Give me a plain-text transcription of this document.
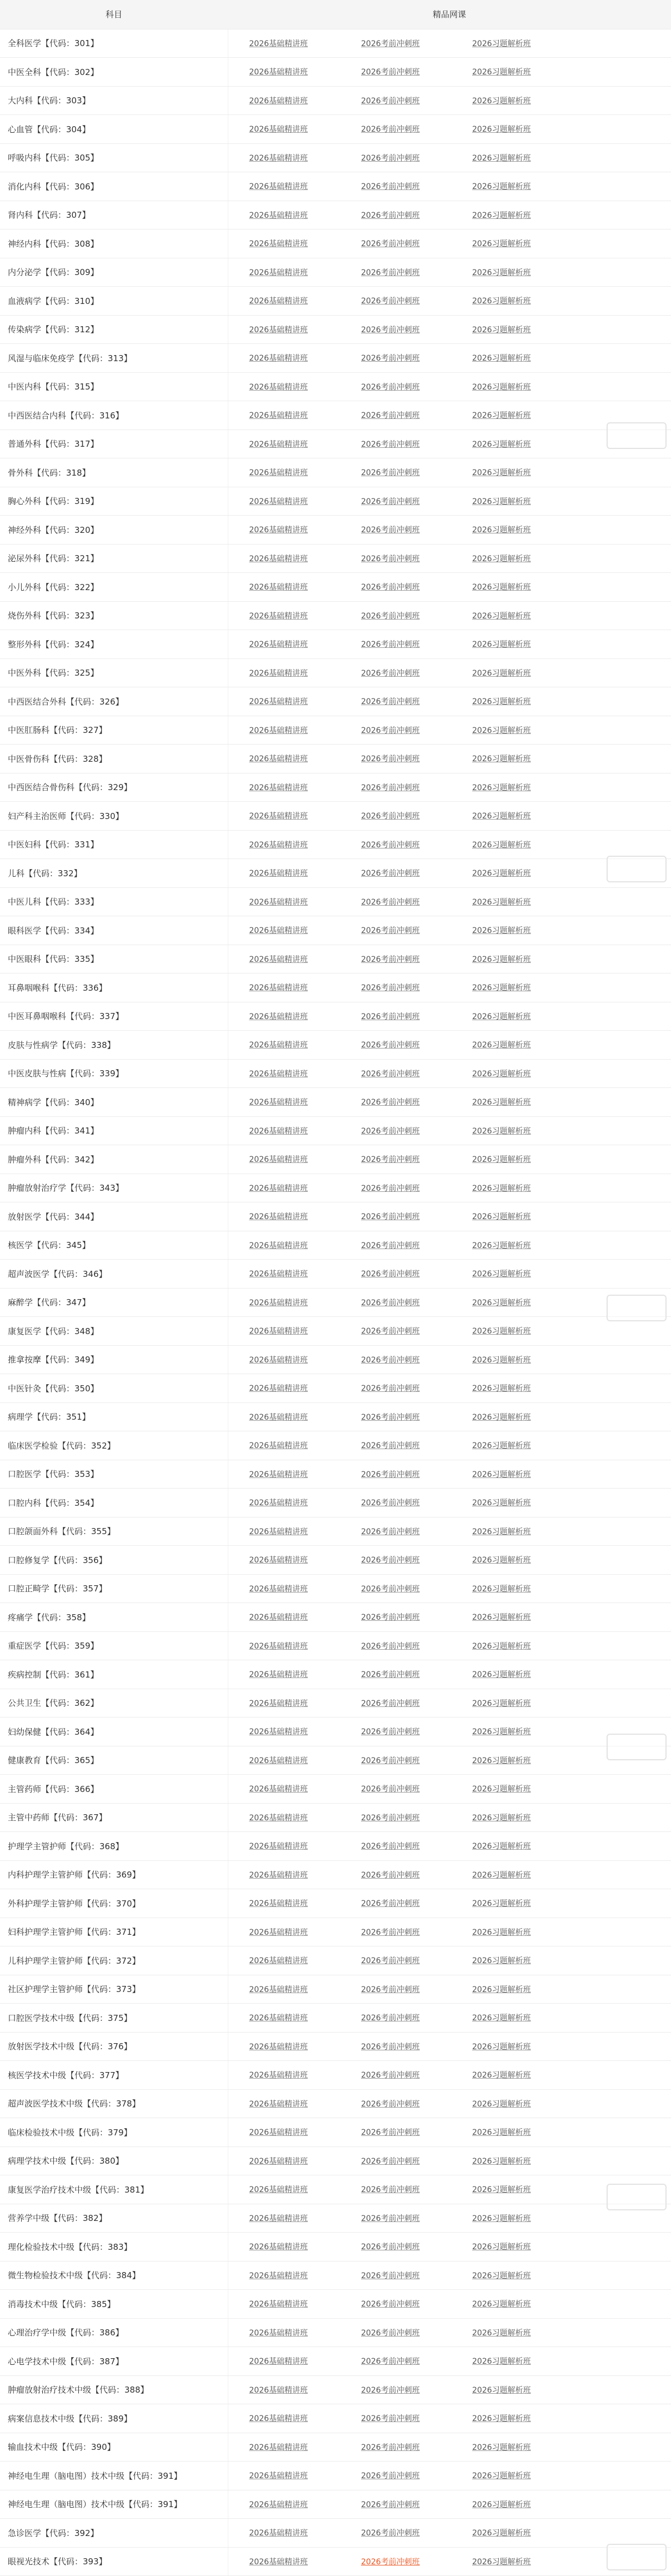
科目	精品网课		
全科医学【代码：301】	2026基础精讲班	2026考前冲刺班	2026习题解析班
中医全科【代码：302】	2026基础精讲班	2026考前冲刺班	2026习题解析班
大内科【代码：303】	2026基础精讲班	2026考前冲刺班	2026习题解析班
心血管【代码：304】	2026基础精讲班	2026考前冲刺班	2026习题解析班
呼吸内科【代码：305】	2026基础精讲班	2026考前冲刺班	2026习题解析班
消化内科【代码：306】	2026基础精讲班	2026考前冲刺班	2026习题解析班
肾内科【代码：307】	2026基础精讲班	2026考前冲刺班	2026习题解析班
神经内科【代码：308】	2026基础精讲班	2026考前冲刺班	2026习题解析班
内分泌学【代码：309】	2026基础精讲班	2026考前冲刺班	2026习题解析班
血液病学【代码：310】	2026基础精讲班	2026考前冲刺班	2026习题解析班
传染病学【代码：312】	2026基础精讲班	2026考前冲刺班	2026习题解析班
风湿与临床免疫学【代码：313】	2026基础精讲班	2026考前冲刺班	2026习题解析班
中医内科【代码：315】	2026基础精讲班	2026考前冲刺班	2026习题解析班
中西医结合内科【代码：316】	2026基础精讲班	2026考前冲刺班	2026习题解析班
普通外科【代码：317】	2026基础精讲班	2026考前冲刺班	2026习题解析班
骨外科【代码：318】	2026基础精讲班	2026考前冲刺班	2026习题解析班
胸心外科【代码：319】	2026基础精讲班	2026考前冲刺班	2026习题解析班
神经外科【代码：320】	2026基础精讲班	2026考前冲刺班	2026习题解析班
泌尿外科【代码：321】	2026基础精讲班	2026考前冲刺班	2026习题解析班
小儿外科【代码：322】	2026基础精讲班	2026考前冲刺班	2026习题解析班
烧伤外科【代码：323】	2026基础精讲班	2026考前冲刺班	2026习题解析班
整形外科【代码：324】	2026基础精讲班	2026考前冲刺班	2026习题解析班
中医外科【代码：325】	2026基础精讲班	2026考前冲刺班	2026习题解析班
中西医结合外科【代码：326】	2026基础精讲班	2026考前冲刺班	2026习题解析班
中医肛肠科【代码：327】	2026基础精讲班	2026考前冲刺班	2026习题解析班
中医骨伤科【代码：328】	2026基础精讲班	2026考前冲刺班	2026习题解析班
中西医结合骨伤科【代码：329】	2026基础精讲班	2026考前冲刺班	2026习题解析班
妇产科主治医师【代码：330】	2026基础精讲班	2026考前冲刺班	2026习题解析班
中医妇科【代码：331】	2026基础精讲班	2026考前冲刺班	2026习题解析班
儿科【代码：332】	2026基础精讲班	2026考前冲刺班	2026习题解析班
中医儿科【代码：333】	2026基础精讲班	2026考前冲刺班	2026习题解析班
眼科医学【代码：334】	2026基础精讲班	2026考前冲刺班	2026习题解析班
中医眼科【代码：335】	2026基础精讲班	2026考前冲刺班	2026习题解析班
耳鼻咽喉科【代码：336】	2026基础精讲班	2026考前冲刺班	2026习题解析班
中医耳鼻咽喉科【代码：337】	2026基础精讲班	2026考前冲刺班	2026习题解析班
皮肤与性病学【代码：338】	2026基础精讲班	2026考前冲刺班	2026习题解析班
中医皮肤与性病【代码：339】	2026基础精讲班	2026考前冲刺班	2026习题解析班
精神病学【代码：340】	2026基础精讲班	2026考前冲刺班	2026习题解析班
肿瘤内科【代码：341】	2026基础精讲班	2026考前冲刺班	2026习题解析班
肿瘤外科【代码：342】	2026基础精讲班	2026考前冲刺班	2026习题解析班
肿瘤放射治疗学【代码：343】	2026基础精讲班	2026考前冲刺班	2026习题解析班
放射医学【代码：344】	2026基础精讲班	2026考前冲刺班	2026习题解析班
核医学【代码：345】	2026基础精讲班	2026考前冲刺班	2026习题解析班
超声波医学【代码：346】	2026基础精讲班	2026考前冲刺班	2026习题解析班
麻醉学【代码：347】	2026基础精讲班	2026考前冲刺班	2026习题解析班
康复医学【代码：348】	2026基础精讲班	2026考前冲刺班	2026习题解析班
推拿按摩【代码：349】	2026基础精讲班	2026考前冲刺班	2026习题解析班
中医针灸【代码：350】	2026基础精讲班	2026考前冲刺班	2026习题解析班
病理学【代码：351】	2026基础精讲班	2026考前冲刺班	2026习题解析班
临床医学检验【代码：352】	2026基础精讲班	2026考前冲刺班	2026习题解析班
口腔医学【代码：353】	2026基础精讲班	2026考前冲刺班	2026习题解析班
口腔内科【代码：354】	2026基础精讲班	2026考前冲刺班	2026习题解析班
口腔颌面外科【代码：355】	2026基础精讲班	2026考前冲刺班	2026习题解析班
口腔修复学【代码：356】	2026基础精讲班	2026考前冲刺班	2026习题解析班
口腔正畸学【代码：357】	2026基础精讲班	2026考前冲刺班	2026习题解析班
疼痛学【代码：358】	2026基础精讲班	2026考前冲刺班	2026习题解析班
重症医学【代码：359】	2026基础精讲班	2026考前冲刺班	2026习题解析班
疾病控制【代码：361】	2026基础精讲班	2026考前冲刺班	2026习题解析班
公共卫生【代码：362】	2026基础精讲班	2026考前冲刺班	2026习题解析班
妇幼保健【代码：364】	2026基础精讲班	2026考前冲刺班	2026习题解析班
健康教育【代码：365】	2026基础精讲班	2026考前冲刺班	2026习题解析班
主管药师【代码：366】	2026基础精讲班	2026考前冲刺班	2026习题解析班
主管中药师【代码：367】	2026基础精讲班	2026考前冲刺班	2026习题解析班
护理学主管护师【代码：368】	2026基础精讲班	2026考前冲刺班	2026习题解析班
内科护理学主管护师【代码：369】	2026基础精讲班	2026考前冲刺班	2026习题解析班
外科护理学主管护师【代码：370】	2026基础精讲班	2026考前冲刺班	2026习题解析班
妇科护理学主管护师【代码：371】	2026基础精讲班	2026考前冲刺班	2026习题解析班
儿科护理学主管护师【代码：372】	2026基础精讲班	2026考前冲刺班	2026习题解析班
社区护理学主管护师【代码：373】	2026基础精讲班	2026考前冲刺班	2026习题解析班
口腔医学技术中级【代码：375】	2026基础精讲班	2026考前冲刺班	2026习题解析班
放射医学技术中级【代码：376】	2026基础精讲班	2026考前冲刺班	2026习题解析班
核医学技术中级【代码：377】	2026基础精讲班	2026考前冲刺班	2026习题解析班
超声波医学技术中级【代码：378】	2026基础精讲班	2026考前冲刺班	2026习题解析班
临床检验技术中级【代码：379】	2026基础精讲班	2026考前冲刺班	2026习题解析班
病理学技术中级【代码：380】	2026基础精讲班	2026考前冲刺班	2026习题解析班
康复医学治疗技术中级【代码：381】	2026基础精讲班	2026考前冲刺班	2026习题解析班
营养学中级【代码：382】	2026基础精讲班	2026考前冲刺班	2026习题解析班
理化检验技术中级【代码：383】	2026基础精讲班	2026考前冲刺班	2026习题解析班
微生物检验技术中级【代码：384】	2026基础精讲班	2026考前冲刺班	2026习题解析班
消毒技术中级【代码：385】	2026基础精讲班	2026考前冲刺班	2026习题解析班
心理治疗学中级【代码：386】	2026基础精讲班	2026考前冲刺班	2026习题解析班
心电学技术中级【代码：387】	2026基础精讲班	2026考前冲刺班	2026习题解析班
肿瘤放射治疗技术中级【代码：388】	2026基础精讲班	2026考前冲刺班	2026习题解析班
病案信息技术中级【代码：389】	2026基础精讲班	2026考前冲刺班	2026习题解析班
输血技术中级【代码：390】	2026基础精讲班	2026考前冲刺班	2026习题解析班
神经电生理（脑电图）技术中级【代码：391】	2026基础精讲班	2026考前冲刺班	2026习题解析班
神经电生理（脑电图）技术中级【代码：391】	2026基础精讲班	2026考前冲刺班	2026习题解析班
急诊医学【代码：392】	2026基础精讲班	2026考前冲刺班	2026习题解析班
眼视光技术【代码：393】	2026基础精讲班	2026考前冲刺班	2026习题解析班
